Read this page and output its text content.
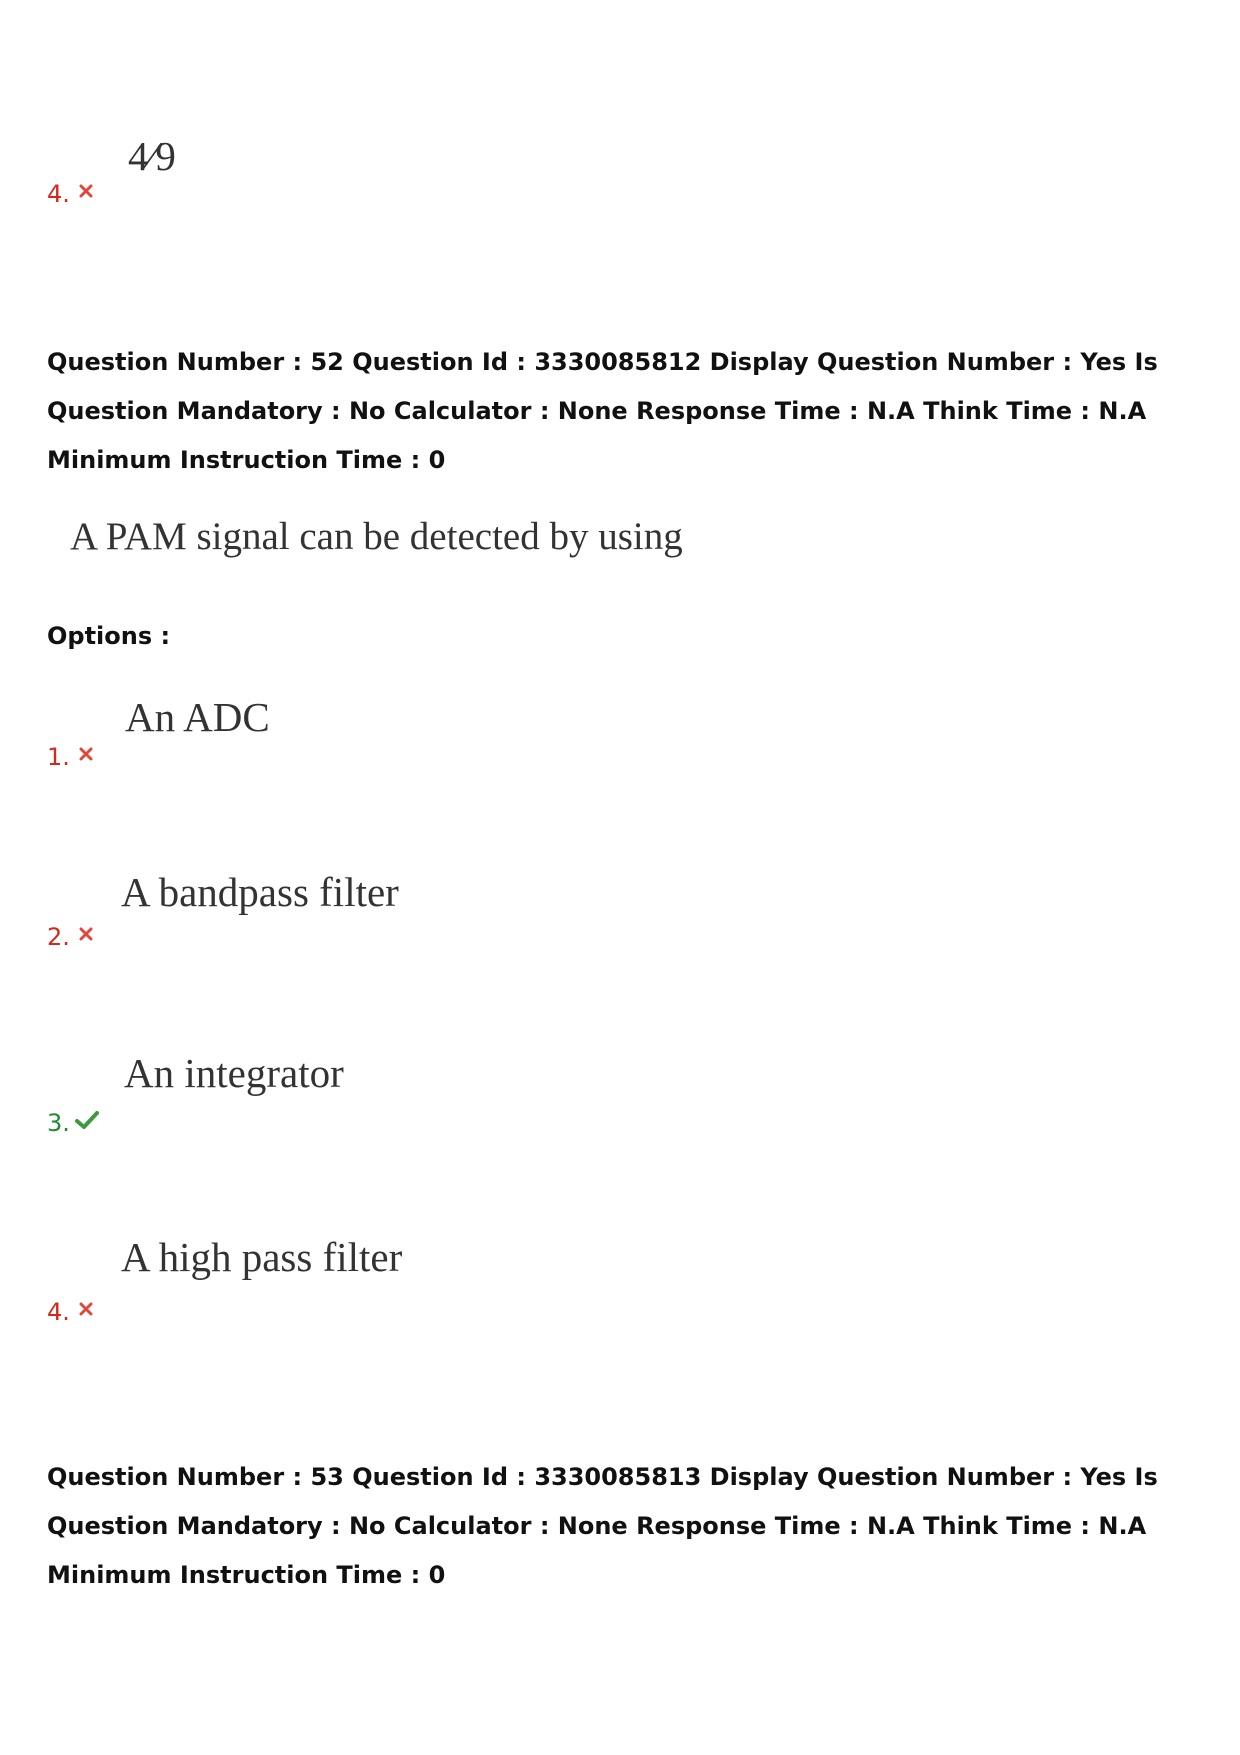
4⁄9
4.
Question Number : 52 Question Id : 3330085812 Display Question Number : Yes Is Question Mandatory : No Calculator : None Response Time : N.A Think Time : N.A Minimum Instruction Time : 0
A PAM signal can be detected by using
Options :
An ADC
1.
A bandpass filter
2.
An integrator
3.
A high pass filter
4.
Question Number : 53 Question Id : 3330085813 Display Question Number : Yes Is Question Mandatory : No Calculator : None Response Time : N.A Think Time : N.A Minimum Instruction Time : 0
